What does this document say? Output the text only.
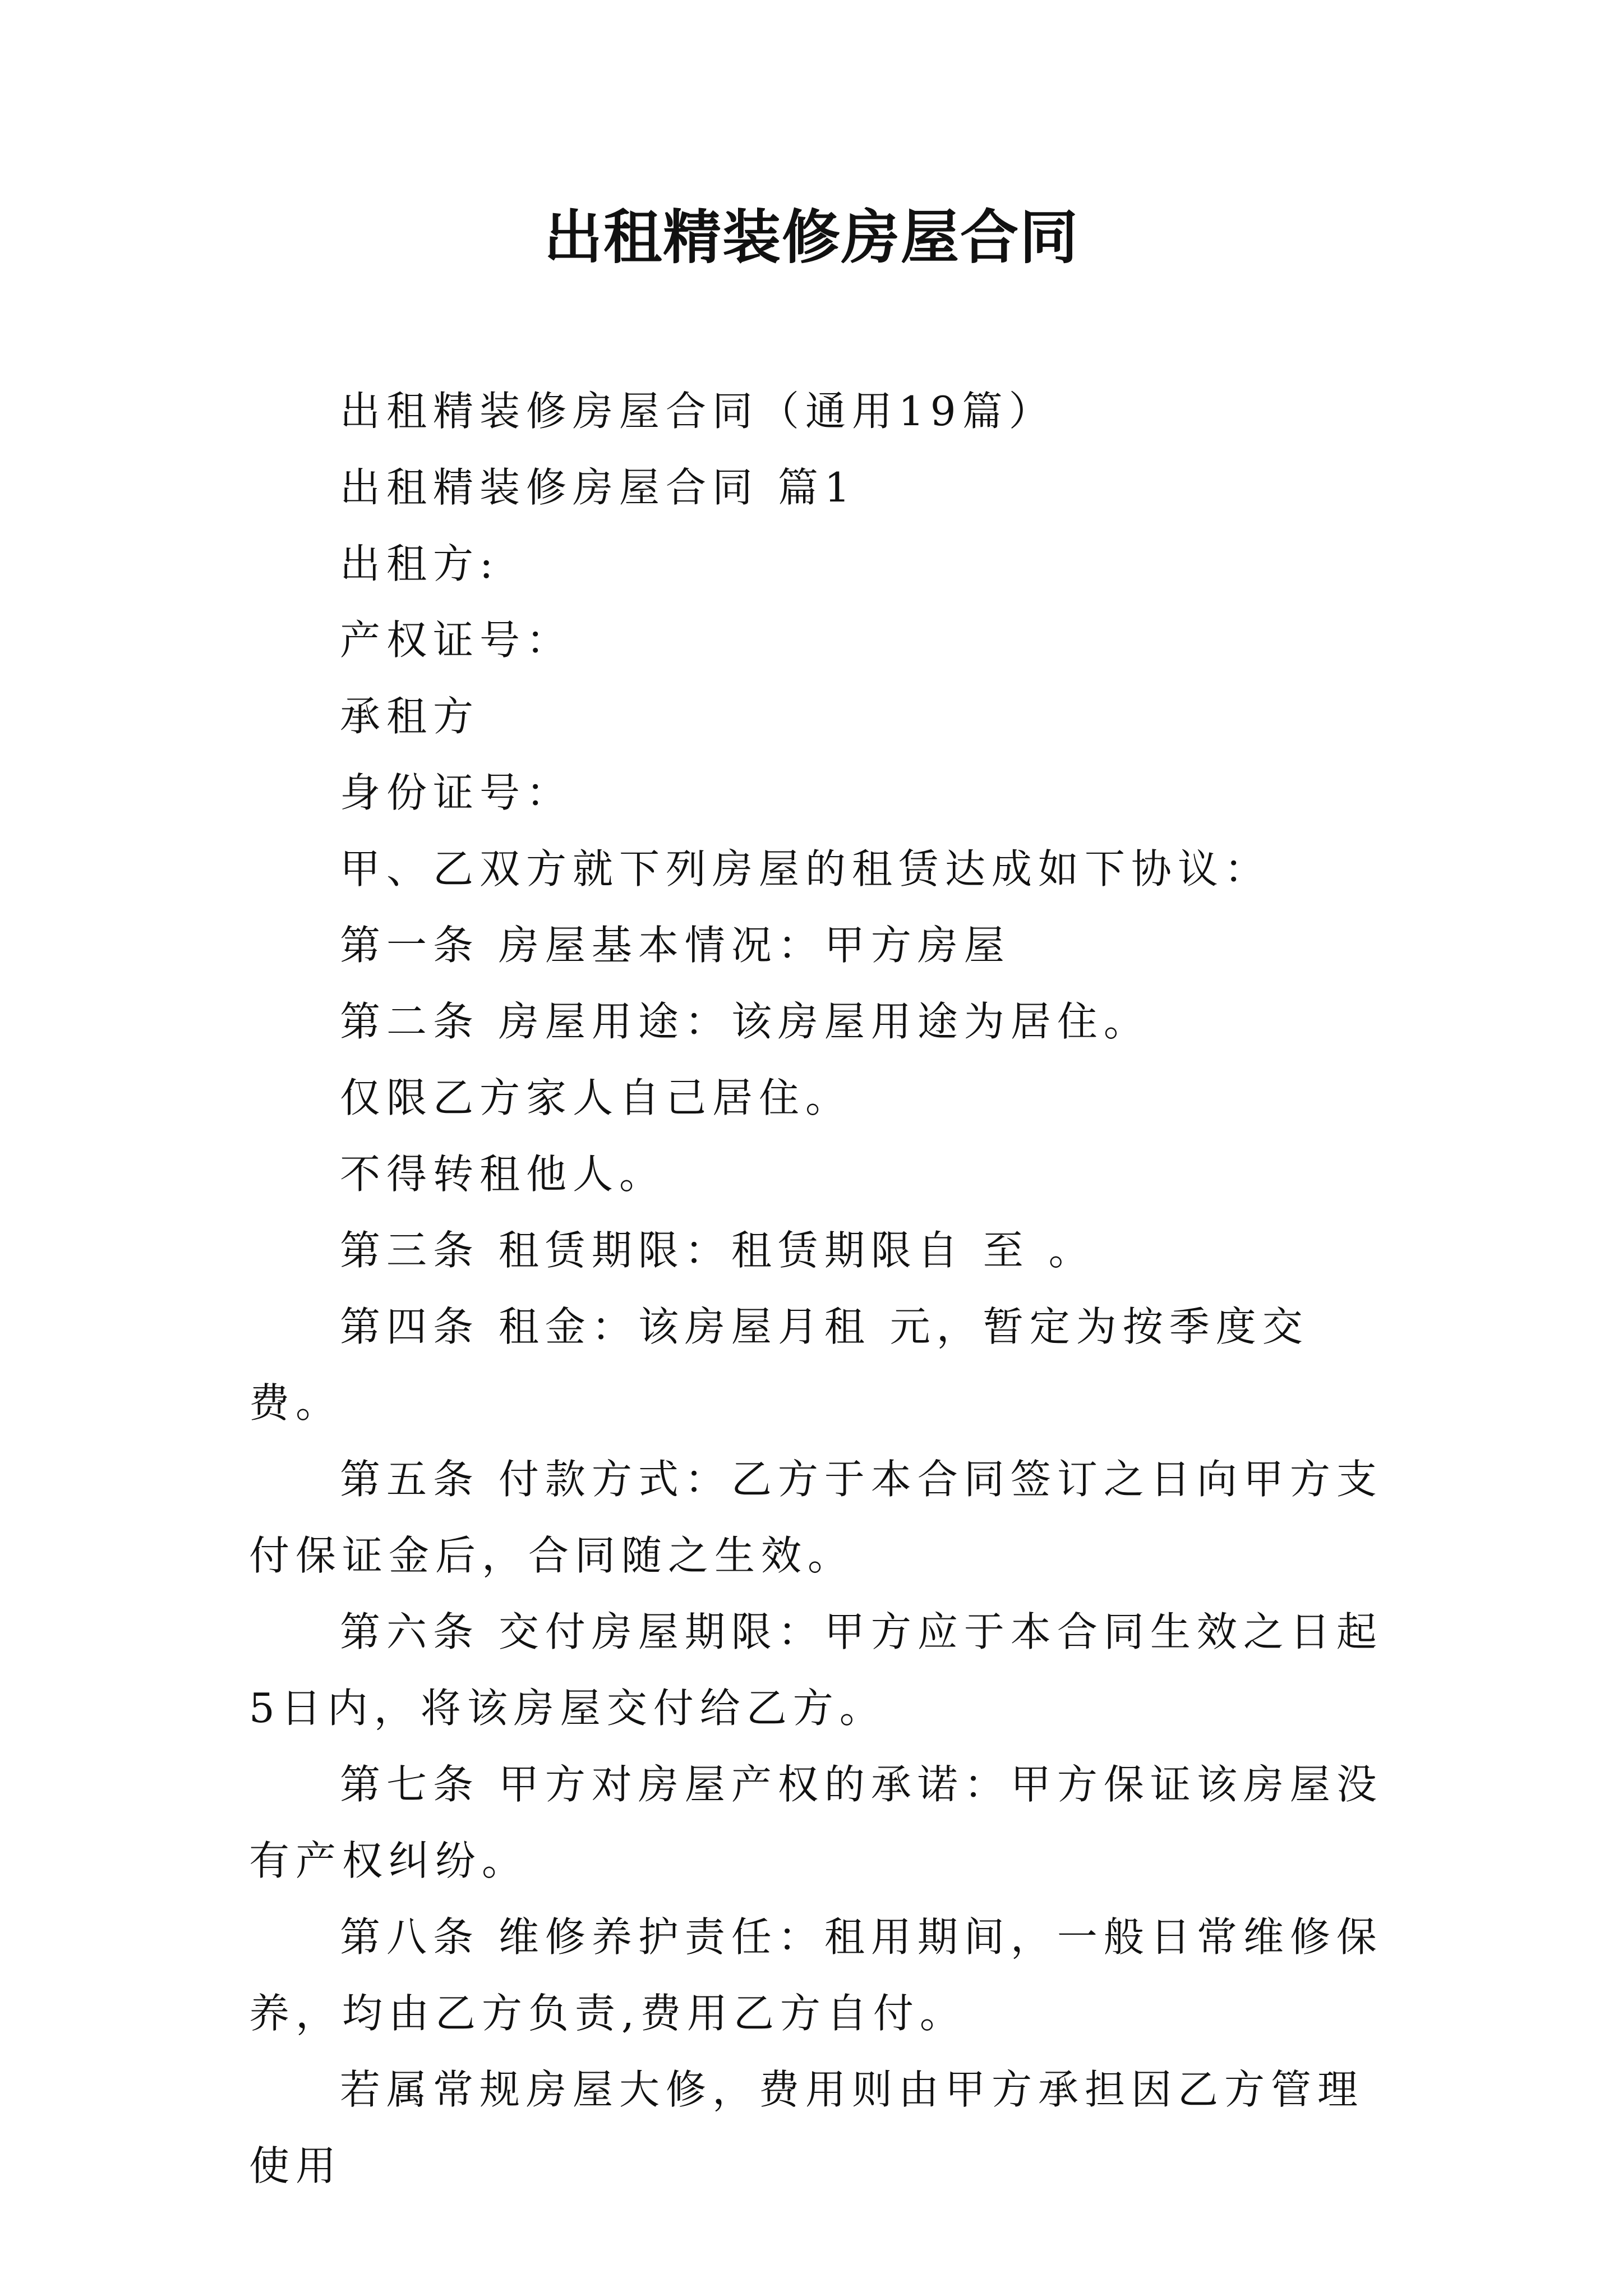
出租精装修房屋合同

出租精装修房屋合同（通用19篇）

出租精装修房屋合同 篇1

出租方:

产权证号：

承租方

身份证号：

甲、乙双方就下列房屋的租赁达成如下协议：

第一条 房屋基本情况：甲方房屋

第二条 房屋用途：该房屋用途为居住。

仅限乙方家人自己居住。

不得转租他人。

第三条 租赁期限：租赁期限自 至 。

第四条 租金：该房屋月租 元，暂定为按季度交费。

第五条 付款方式：乙方于本合同签订之日向甲方支付保证金后，合同随之生效。

第六条 交付房屋期限：甲方应于本合同生效之日起5日内，将该房屋交付给乙方。

第七条 甲方对房屋产权的承诺：甲方保证该房屋没有产权纠纷。

第八条 维修养护责任：租用期间，一般日常维修保养，均由乙方负责,费用乙方自付。

若属常规房屋大修，费用则由甲方承担因乙方管理使用
